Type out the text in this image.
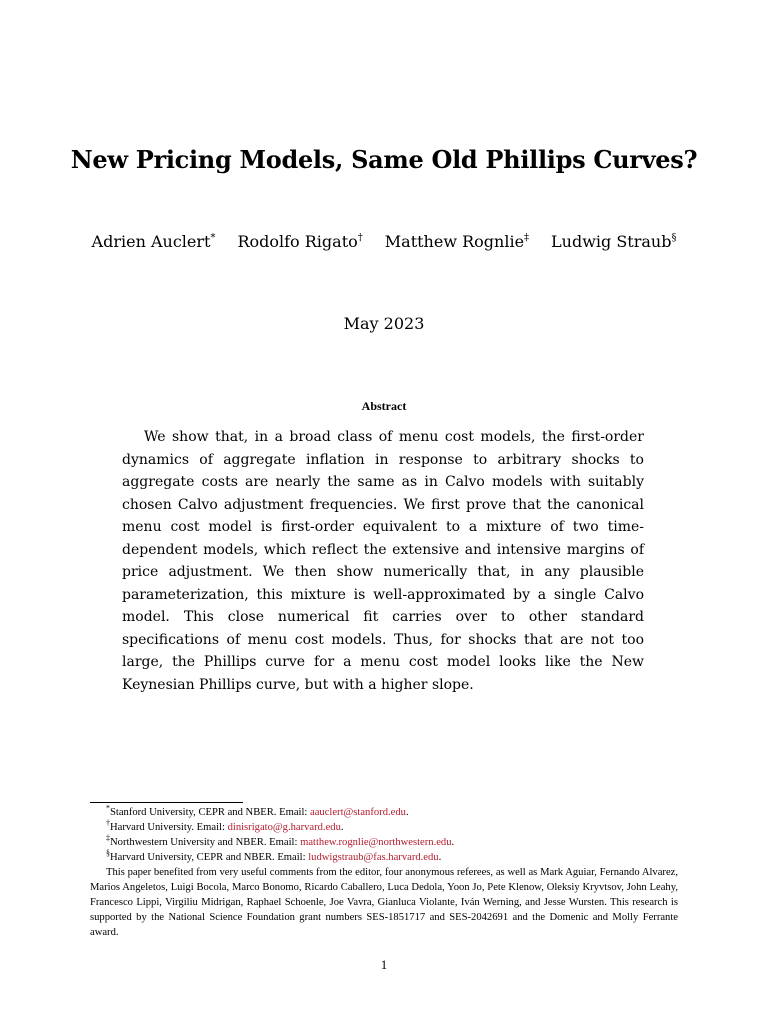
New Pricing Models, Same Old Phillips Curves?
Adrien Auclert* Rodolfo Rigato† Matthew Rognlie‡ Ludwig Straub§
May 2023
Abstract

We show that, in a broad class of menu cost models, the first-order dynamics of aggregate inflation in response to arbitrary shocks to aggregate costs are nearly the same as in Calvo models with suitably chosen Calvo adjustment frequencies. We first prove that the canonical menu cost model is first-order equivalent to a mixture of two time-dependent models, which reflect the extensive and intensive margins of price adjustment. We then show numerically that, in any plausible parameterization, this mixture is well-approximated by a single Calvo model. This close numerical fit carries over to other standard specifications of menu cost models. Thus, for shocks that are not too large, the Phillips curve for a menu cost model looks like the New Keynesian Phillips curve, but with a higher slope.

*Stanford University, CEPR and NBER. Email: aauclert@stanford.edu.

†Harvard University. Email: dinisrigato@g.harvard.edu.

‡Northwestern University and NBER. Email: matthew.rognlie@northwestern.edu.

§Harvard University, CEPR and NBER. Email: ludwigstraub@fas.harvard.edu.

This paper benefited from very useful comments from the editor, four anonymous referees, as well as Mark Aguiar, Fernando Alvarez, Marios Angeletos, Luigi Bocola, Marco Bonomo, Ricardo Caballero, Luca Dedola, Yoon Jo, Pete Klenow, Oleksiy Kryvtsov, John Leahy, Francesco Lippi, Virgiliu Midrigan, Raphael Schoenle, Joe Vavra, Gianluca Violante, Iván Werning, and Jesse Wursten. This research is supported by the National Science Foundation grant numbers SES-1851717 and SES-2042691 and the Domenic and Molly Ferrante award.

1
